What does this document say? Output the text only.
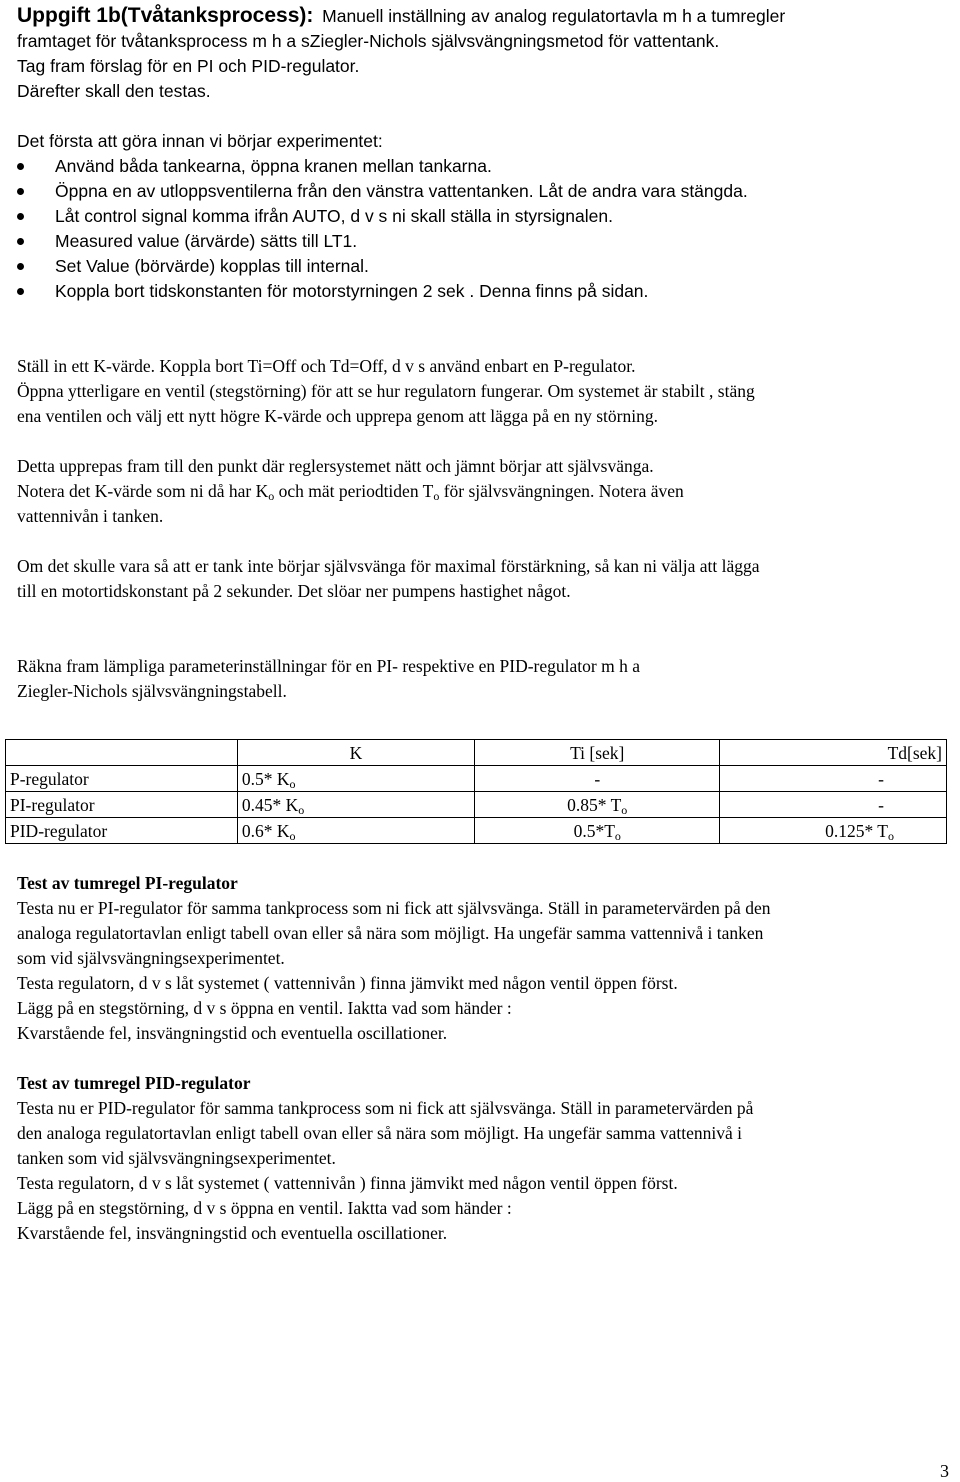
Uppgift 1b(Tvåtanksprocess): Manuell inställning av analog regulatortavla m h a tumregler

framtaget för tvåtanksprocess m h a sZiegler-Nichols självsvängningsmetod för vattentank.

Tag fram förslag för en PI och PID-regulator.

Därefter skall den testas.

Det första att göra innan vi börjar experimentet:

Använd båda tankearna, öppna kranen mellan tankarna.
Öppna en av utloppsventilerna från den vänstra vattentanken. Låt de andra vara stängda.
Låt control signal komma ifrån AUTO, d v s ni skall ställa in styrsignalen.
Measured value (ärvärde) sätts till LT1.
Set Value (börvärde) kopplas till internal.
Koppla bort tidskonstanten för motorstyrningen 2 sek . Denna finns på sidan.

Ställ in ett K-värde. Koppla bort Ti=Off och Td=Off, d v s använd enbart en P-regulator.

Öppna ytterligare en ventil (stegstörning) för att se hur regulatorn fungerar. Om systemet är stabilt , stäng

ena ventilen och välj ett nytt högre K-värde och upprepa genom att lägga på en ny störning.

Detta upprepas fram till den punkt där reglersystemet nätt och jämnt börjar att självsvänga.

Notera det K-värde som ni då har $K_o$ och mät periodtiden $T_o$ för självsvängningen. Notera även

vattennivån i tanken.

Om det skulle vara så att er tank inte börjar självsvänga för maximal förstärkning, så kan ni välja att lägga

till en motortidskonstant på 2 sekunder. Det slöar ner pumpens hastighet något.

Räkna fram lämpliga parameterinställningar för en PI- respektive en PID-regulator m h a

Ziegler-Nichols självsvängningstabell.

	K	Ti [sek]	Td[sek]
P-regulator	0.5* $K_o$	-	-
PI-regulator	0.45* $K_o$	0.85* $T_o$	-
PID-regulator	0.6* $K_o$	$0.5*T_o$	0.125* $T_o$

Test av tumregel PI-regulator

Testa nu er PI-regulator för samma tankprocess som ni fick att självsvänga. Ställ in parametervärden på den

analoga regulatortavlan enligt tabell ovan eller så nära som möjligt. Ha ungefär samma vattennivå i tanken

som vid självsvängningsexperimentet.

Testa regulatorn, d v s låt systemet ( vattennivån ) finna jämvikt med någon ventil öppen först.

Lägg på en stegstörning, d v s öppna en ventil. Iaktta vad som händer :

Kvarstående fel, insvängningstid och eventuella oscillationer.

Test av tumregel PID-regulator

Testa nu er PID-regulator för samma tankprocess som ni fick att självsvänga. Ställ in parametervärden på

den analoga regulatortavlan enligt tabell ovan eller så nära som möjligt. Ha ungefär samma vattennivå i

tanken som vid självsvängningsexperimentet.

Testa regulatorn, d v s låt systemet ( vattennivån ) finna jämvikt med någon ventil öppen först.

Lägg på en stegstörning, d v s öppna en ventil. Iaktta vad som händer :

Kvarstående fel, insvängningstid och eventuella oscillationer.

3
